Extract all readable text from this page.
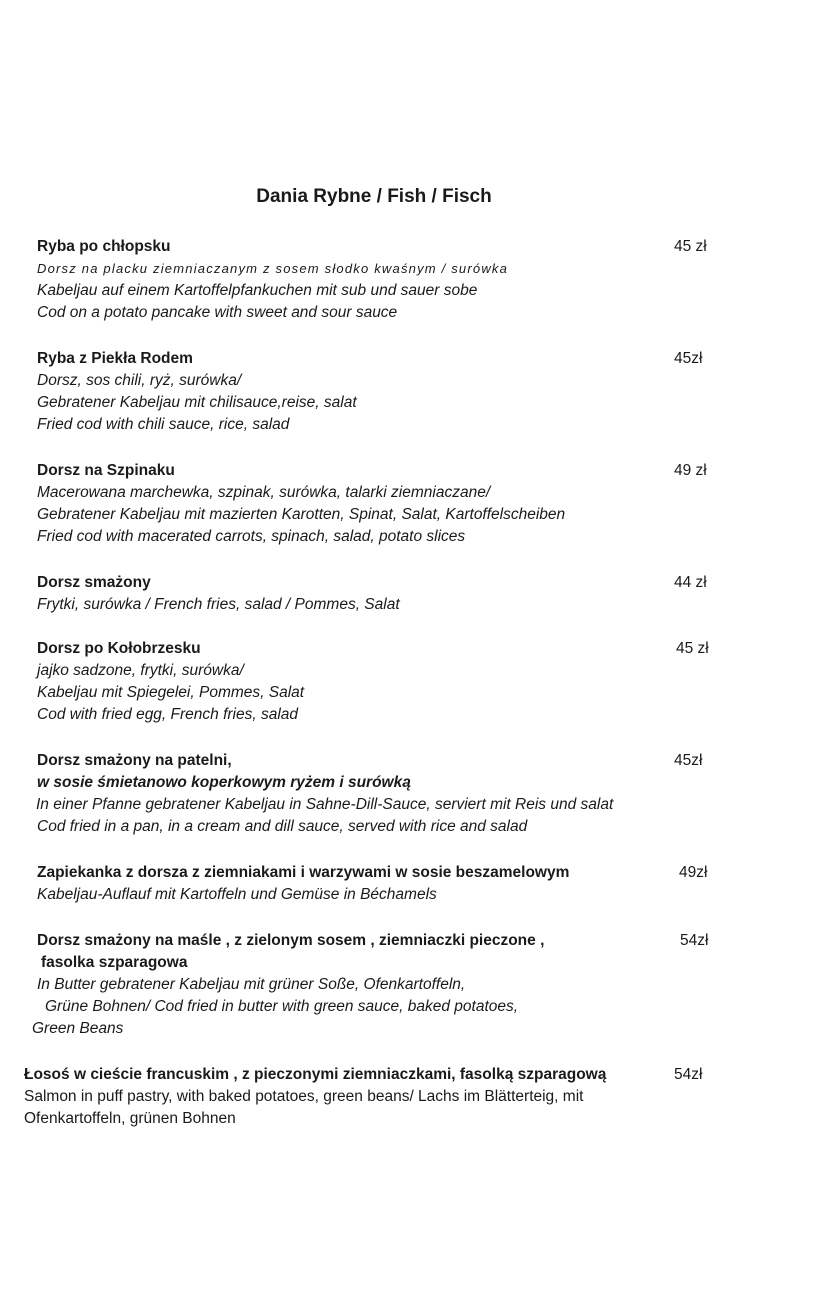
Dania Rybne / Fish / Fisch
Ryba po chłopsku
Dorsz na placku ziemniaczanym z sosem słodko kwaśnym / surówka
Kabeljau auf einem Kartoffelpfankuchen mit sub und sauer sobe
Cod on a potato pancake with sweet and sour sauce
45 zł
Ryba z Piekła Rodem
Dorsz, sos chili, ryż, surówka/
Gebratener Kabeljau mit chilisauce,reise, salat
Fried cod with chili sauce, rice, salad
45zł
Dorsz na Szpinaku
Macerowana marchewka, szpinak, surówka, talarki ziemniaczane/
Gebratener Kabeljau mit mazierten Karotten, Spinat, Salat, Kartoffelscheiben
Fried cod with macerated carrots, spinach, salad, potato slices
49 zł
Dorsz smażony
Frytki, surówka / French fries, salad / Pommes, Salat
44 zł
Dorsz po Kołobrzesku
jajko sadzone, frytki, surówka/
Kabeljau mit Spiegelei, Pommes, Salat
Cod with fried egg, French fries, salad
45 zł
Dorsz smażony na patelni,
w sosie śmietanowo koperkowym ryżem i surówką
In einer Pfanne gebratener Kabeljau in Sahne-Dill-Sauce, serviert mit Reis und salat
Cod fried in a pan, in a cream and dill sauce, served with rice and salad
45zł
Zapiekanka z dorsza z ziemniakami i warzywami w sosie beszamelowym
Kabeljau-Auflauf mit Kartoffeln und Gemüse in Béchamels
49zł
Dorsz smażony na maśle , z zielonym sosem , ziemniaczki pieczone ,
fasolka szparagowa
In Butter gebratener Kabeljau mit grüner Soße, Ofenkartoffeln,
Grüne Bohnen/ Cod fried in butter with green sauce, baked potatoes,
Green Beans
54zł
Łosoś w cieście francuskim , z pieczonymi ziemniaczkami, fasolką szparagową
Salmon in puff pastry, with baked potatoes, green beans/ Lachs im Blätterteig, mit
Ofenkartoffeln, grünen Bohnen
54zł
